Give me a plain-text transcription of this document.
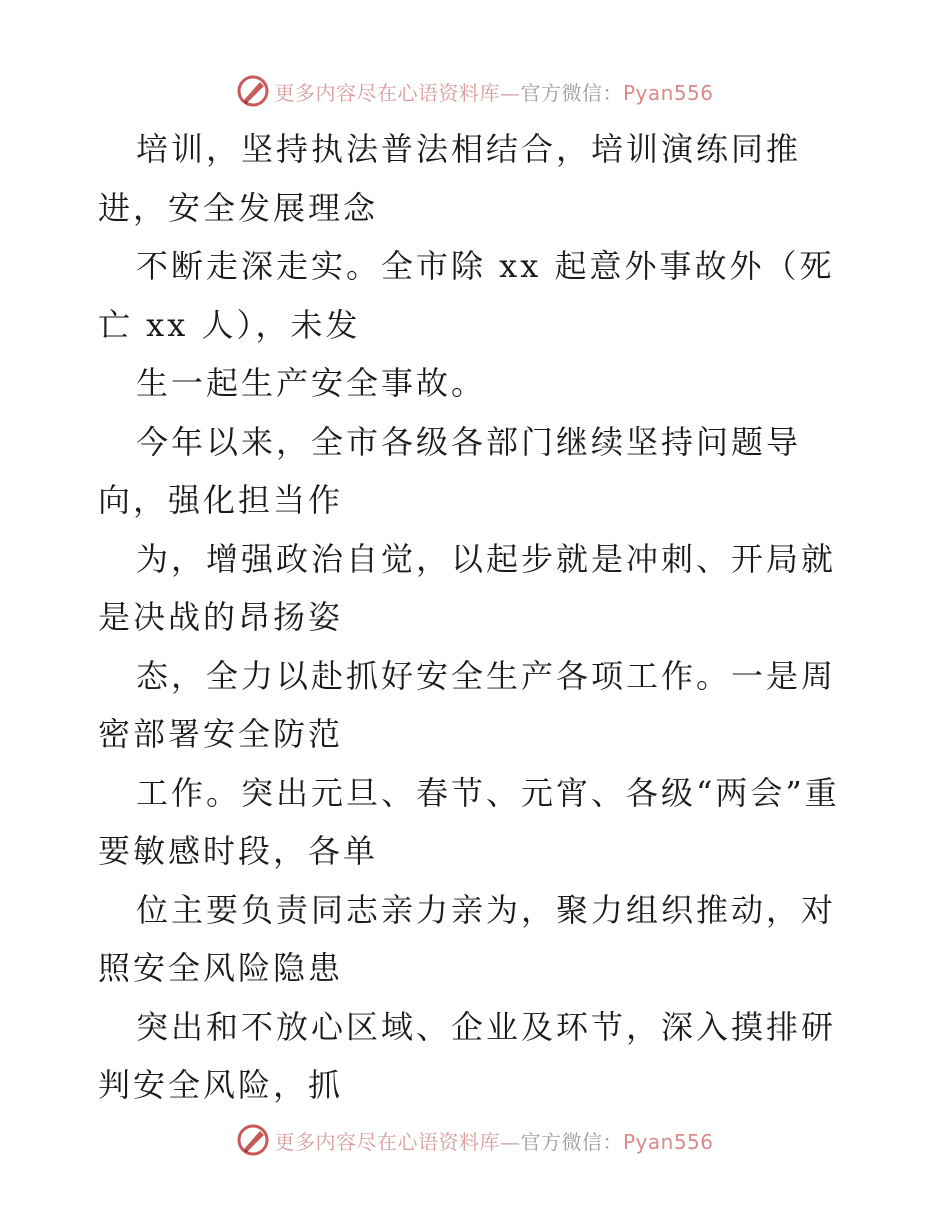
更多内容尽在心语资料库—官方微信：Pyan556

培训，坚持执法普法相结合，培训演练同推进，安全发展理念

不断走深走实。全市除 xx 起意外事故外（死亡 xx 人），未发

生一起生产安全事故。

今年以来，全市各级各部门继续坚持问题导向，强化担当作

为，增强政治自觉，以起步就是冲刺、开局就是决战的昂扬姿

态，全力以赴抓好安全生产各项工作。一是周密部署安全防范

工作。突出元旦、春节、元宵、各级“两会”重要敏感时段，各单

位主要负责同志亲力亲为，聚力组织推动，对照安全风险隐患

突出和不放心区域、企业及环节，深入摸排研判安全风险，抓

更多内容尽在心语资料库—官方微信：Pyan556
